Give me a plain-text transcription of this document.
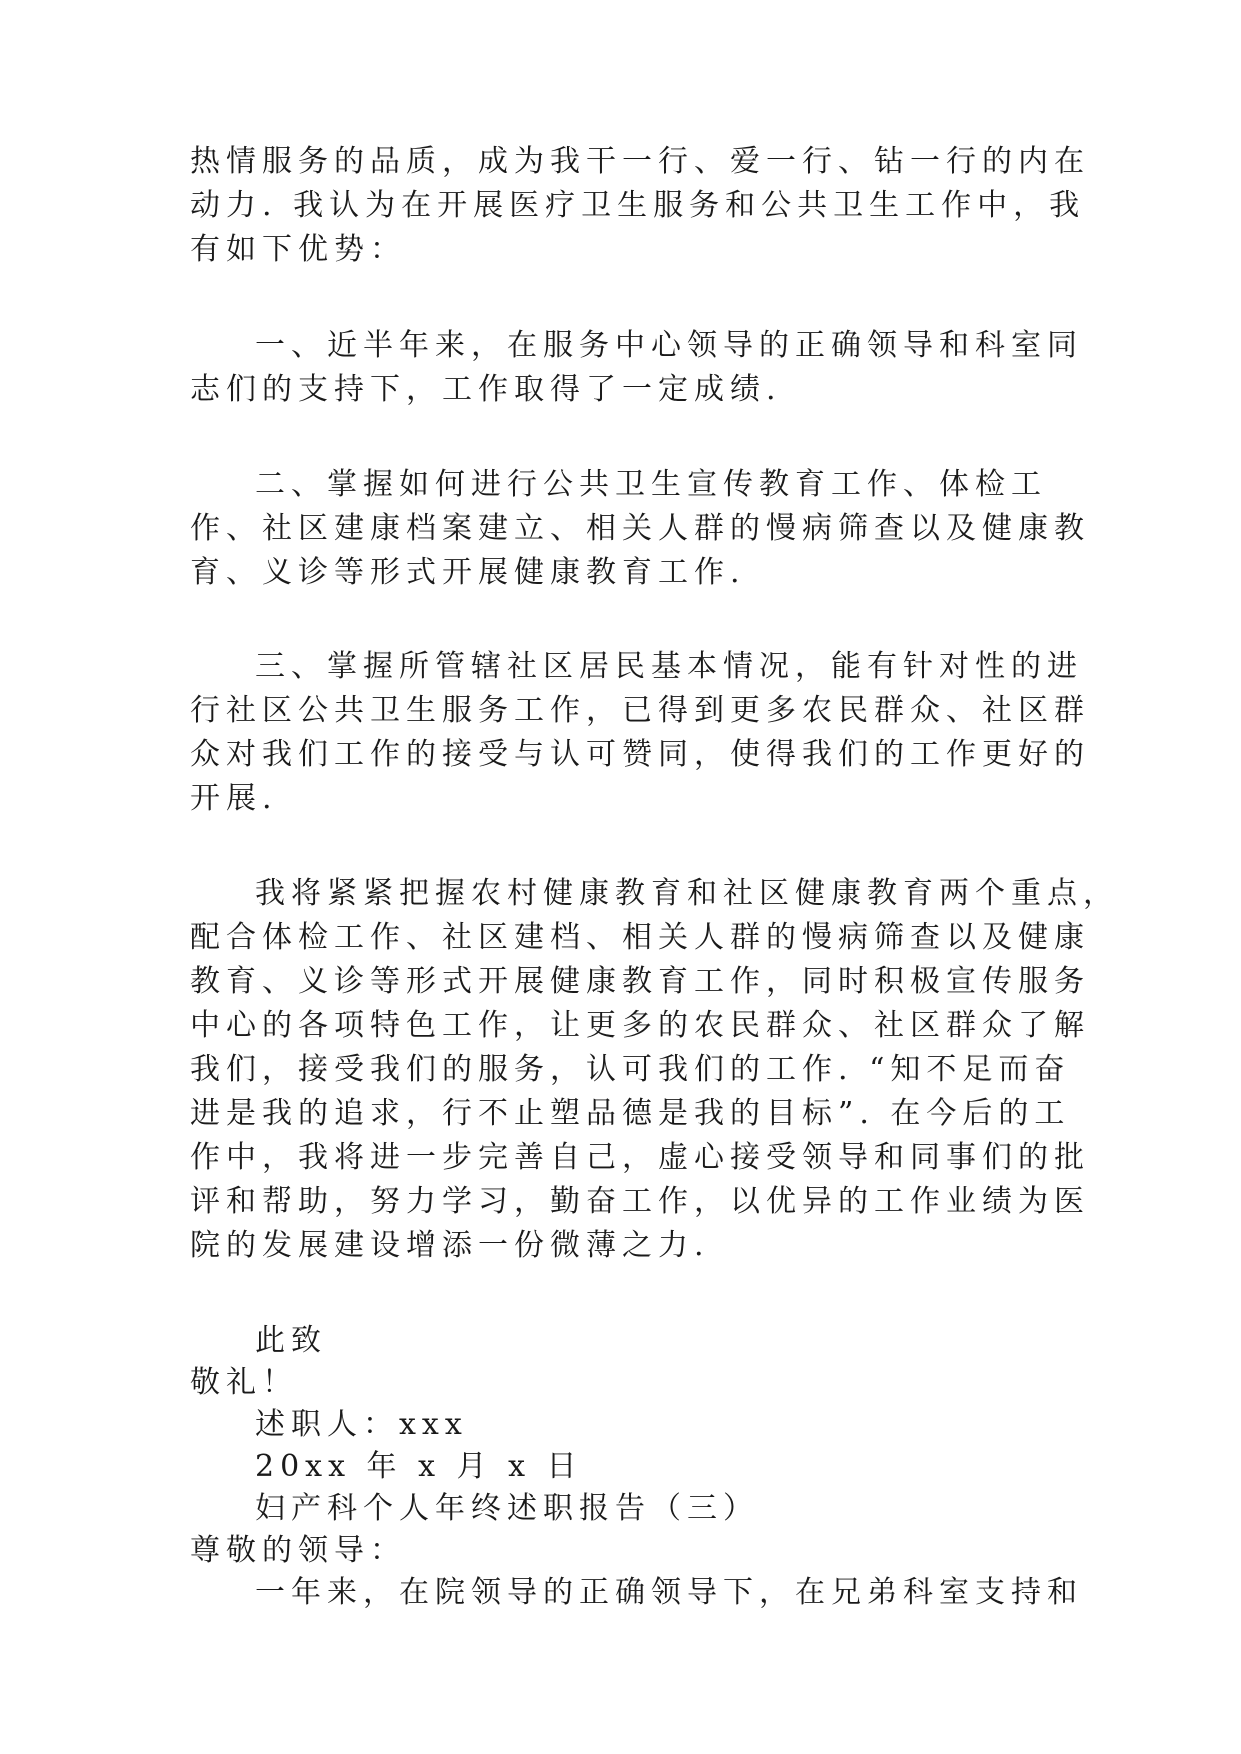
热情服务的品质，成为我干一行、爱一行、钻一行的内在
动力. 我认为在开展医疗卫生服务和公共卫生工作中，我
有如下优势：
一、近半年来，在服务中心领导的正确领导和科室同
志们的支持下，工作取得了一定成绩.
二、掌握如何进行公共卫生宣传教育工作、体检工
作、社区建康档案建立、相关人群的慢病筛查以及健康教
育、义诊等形式开展健康教育工作.
三、掌握所管辖社区居民基本情况，能有针对性的进
行社区公共卫生服务工作，已得到更多农民群众、社区群
众对我们工作的接受与认可赞同，使得我们的工作更好的
开展.
我将紧紧把握农村健康教育和社区健康教育两个重点，
配合体检工作、社区建档、相关人群的慢病筛查以及健康
教育、义诊等形式开展健康教育工作，同时积极宣传服务
中心的各项特色工作，让更多的农民群众、社区群众了解
我们，接受我们的服务，认可我们的工作. “知不足而奋
进是我的追求，行不止塑品德是我的目标”. 在今后的工
作中，我将进一步完善自己，虚心接受领导和同事们的批
评和帮助，努力学习，勤奋工作，以优异的工作业绩为医
院的发展建设增添一份微薄之力.
此致
敬礼！
述职人：xxx
20xx 年 x 月 x 日
妇产科个人年终述职报告（三）
尊敬的领导：
一年来，在院领导的正确领导下，在兄弟科室支持和
